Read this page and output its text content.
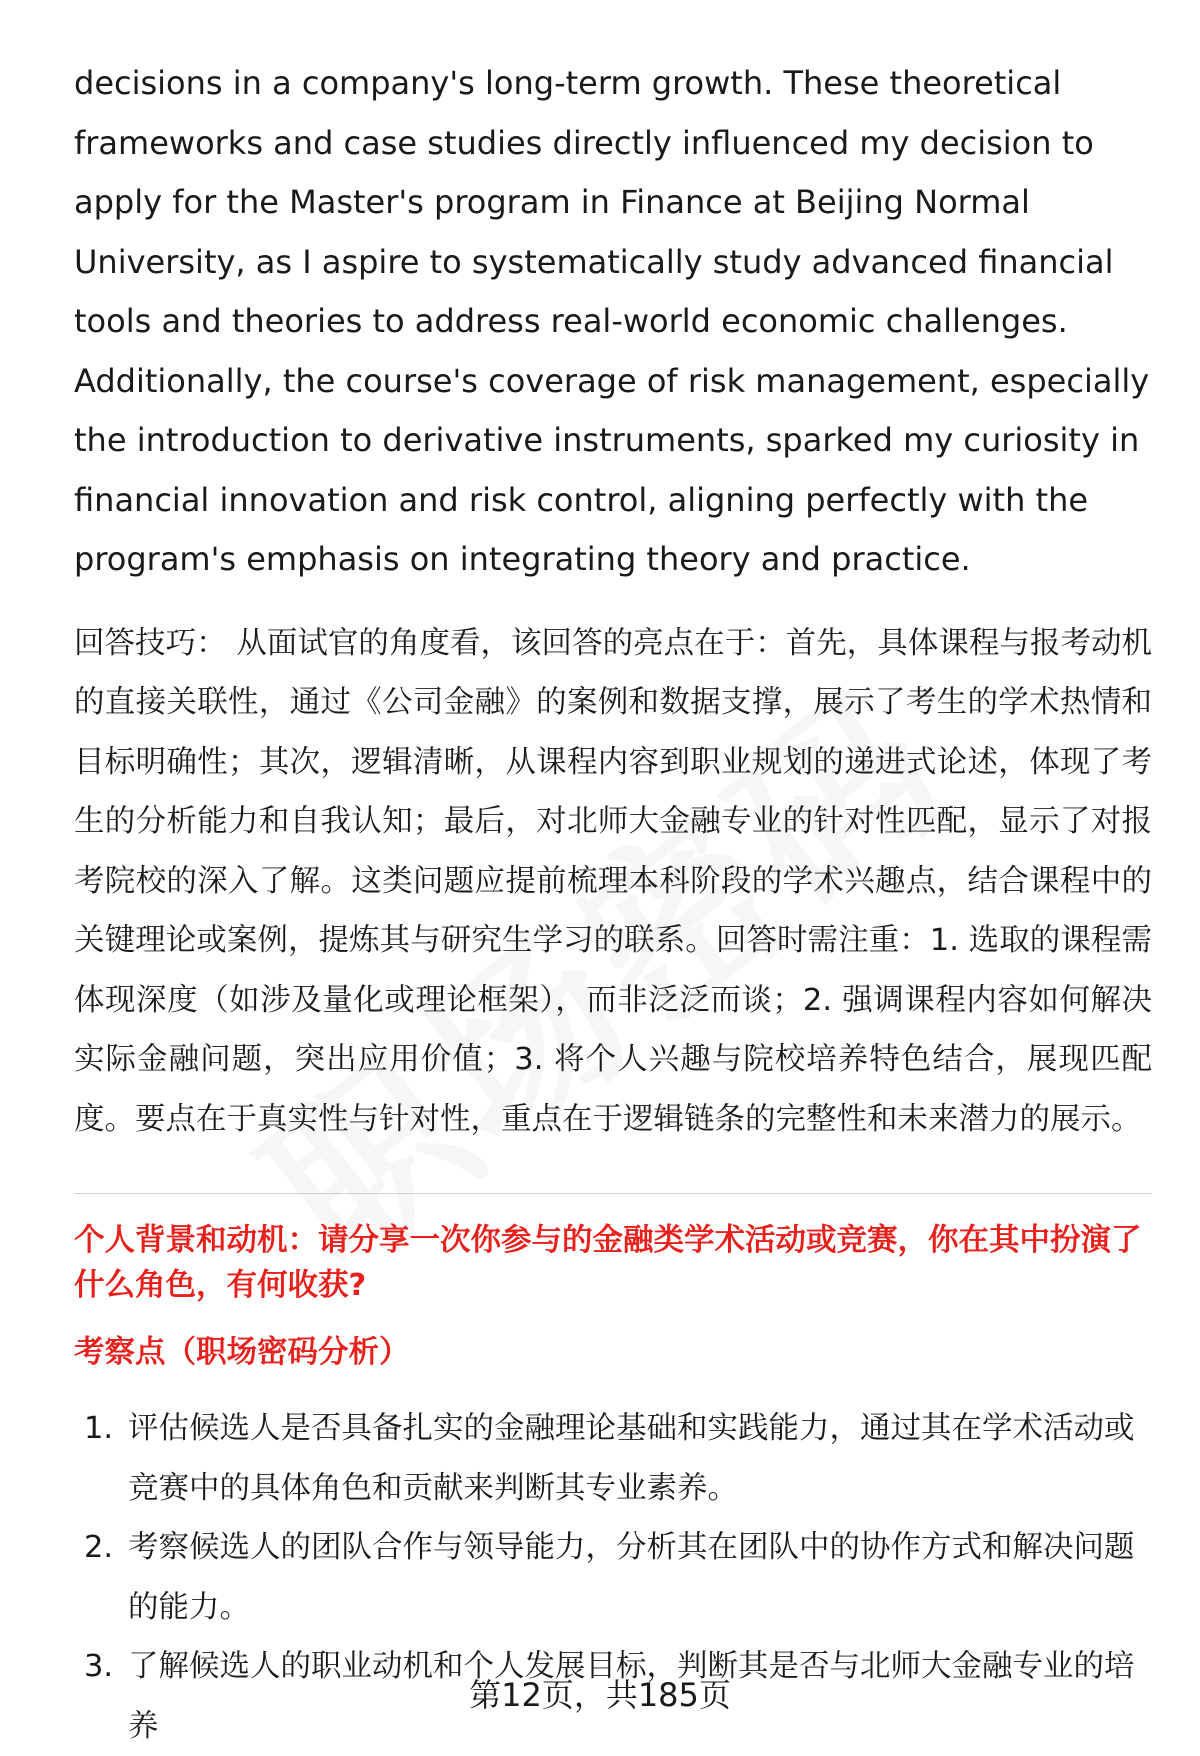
decisions in a company's long-term growth. These theoretical frameworks and case studies directly influenced my decision to apply for the Master's program in Finance at Beijing Normal University, as I aspire to systematically study advanced financial tools and theories to address real-world economic challenges. Additionally, the course's coverage of risk management, especially the introduction to derivative instruments, sparked my curiosity in financial innovation and risk control, aligning perfectly with the program's emphasis on integrating theory and practice.

回答技巧： 从面试官的角度看，该回答的亮点在于：首先，具体课程与报考动机的直接关联性，通过《公司金融》的案例和数据支撑，展示了考生的学术热情和目标明确性；其次，逻辑清晰，从课程内容到职业规划的递进式论述，体现了考生的分析能力和自我认知；最后，对北师大金融专业的针对性匹配，显示了对报考院校的深入了解。这类问题应提前梳理本科阶段的学术兴趣点，结合课程中的关键理论或案例，提炼其与研究生学习的联系。回答时需注重：1. 选取的课程需体现深度（如涉及量化或理论框架），而非泛泛而谈；2. 强调课程内容如何解决实际金融问题，突出应用价值；3. 将个人兴趣与院校培养特色结合，展现匹配度。要点在于真实性与针对性，重点在于逻辑链条的完整性和未来潜力的展示。

个人背景和动机：请分享一次你参与的金融类学术活动或竞赛，你在其中扮演了什么角色，有何收获?

考察点（职场密码分析）

1. 评估候选人是否具备扎实的金融理论基础和实践能力，通过其在学术活动或竞赛中的具体角色和贡献来判断其专业素养。
2. 考察候选人的团队合作与领导能力，分析其在团队中的协作方式和解决问题的能力。
3. 了解候选人的职业动机和个人发展目标，判断其是否与北师大金融专业的培养
第12页，共185页
